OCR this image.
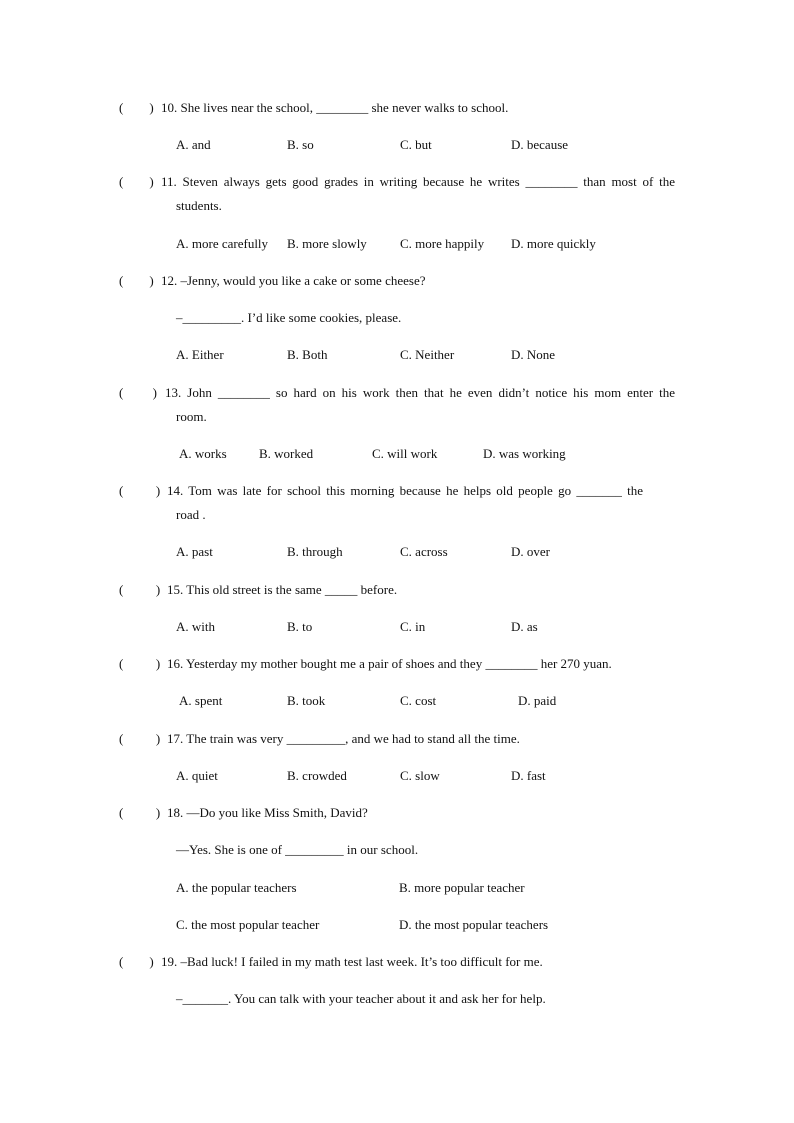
(        ) 10. She lives near the school, ________ she never walks to school.
A. and	B. so	C. but	D. because
(        ) 11. Steven always gets good grades in writing because he writes ________ than most of the
students.
A. more carefully B. more slowly	C. more happily D. more quickly
(        ) 12. –Jenny, would you like a cake or some cheese?
–_________. I’d like some cookies, please.
A. Either	B. Both	C. Neither	D. None
(         ) 13. John ________ so hard on his work then that he even didn’t notice his mom enter the
room.
A. works B. worked	C. will work	D. was working
(          ) 14. Tom was late for school this morning because he helps old people go _______ the
road .
A. past	B. through	C. across	D. over
(          ) 15. This old street is the same _____ before.
A. with	B. to	C. in	D. as
(          ) 16. Yesterday my mother bought me a pair of shoes and they ________ her 270 yuan.
A. spent	B. took	C. cost	D. paid
(          ) 17. The train was very _________, and we had to stand all the time.
A. quiet	B. crowded	C. slow	D. fast
(          ) 18. —Do you like Miss Smith, David?
—Yes. She is one of _________ in our school.
A. the popular teachers	B. more popular teacher
C. the most popular teacher	D. the most popular teachers
(        ) 19. –Bad luck! I failed in my math test last week. It’s too difficult for me.
–_______. You can talk with your teacher about it and ask her for help.
